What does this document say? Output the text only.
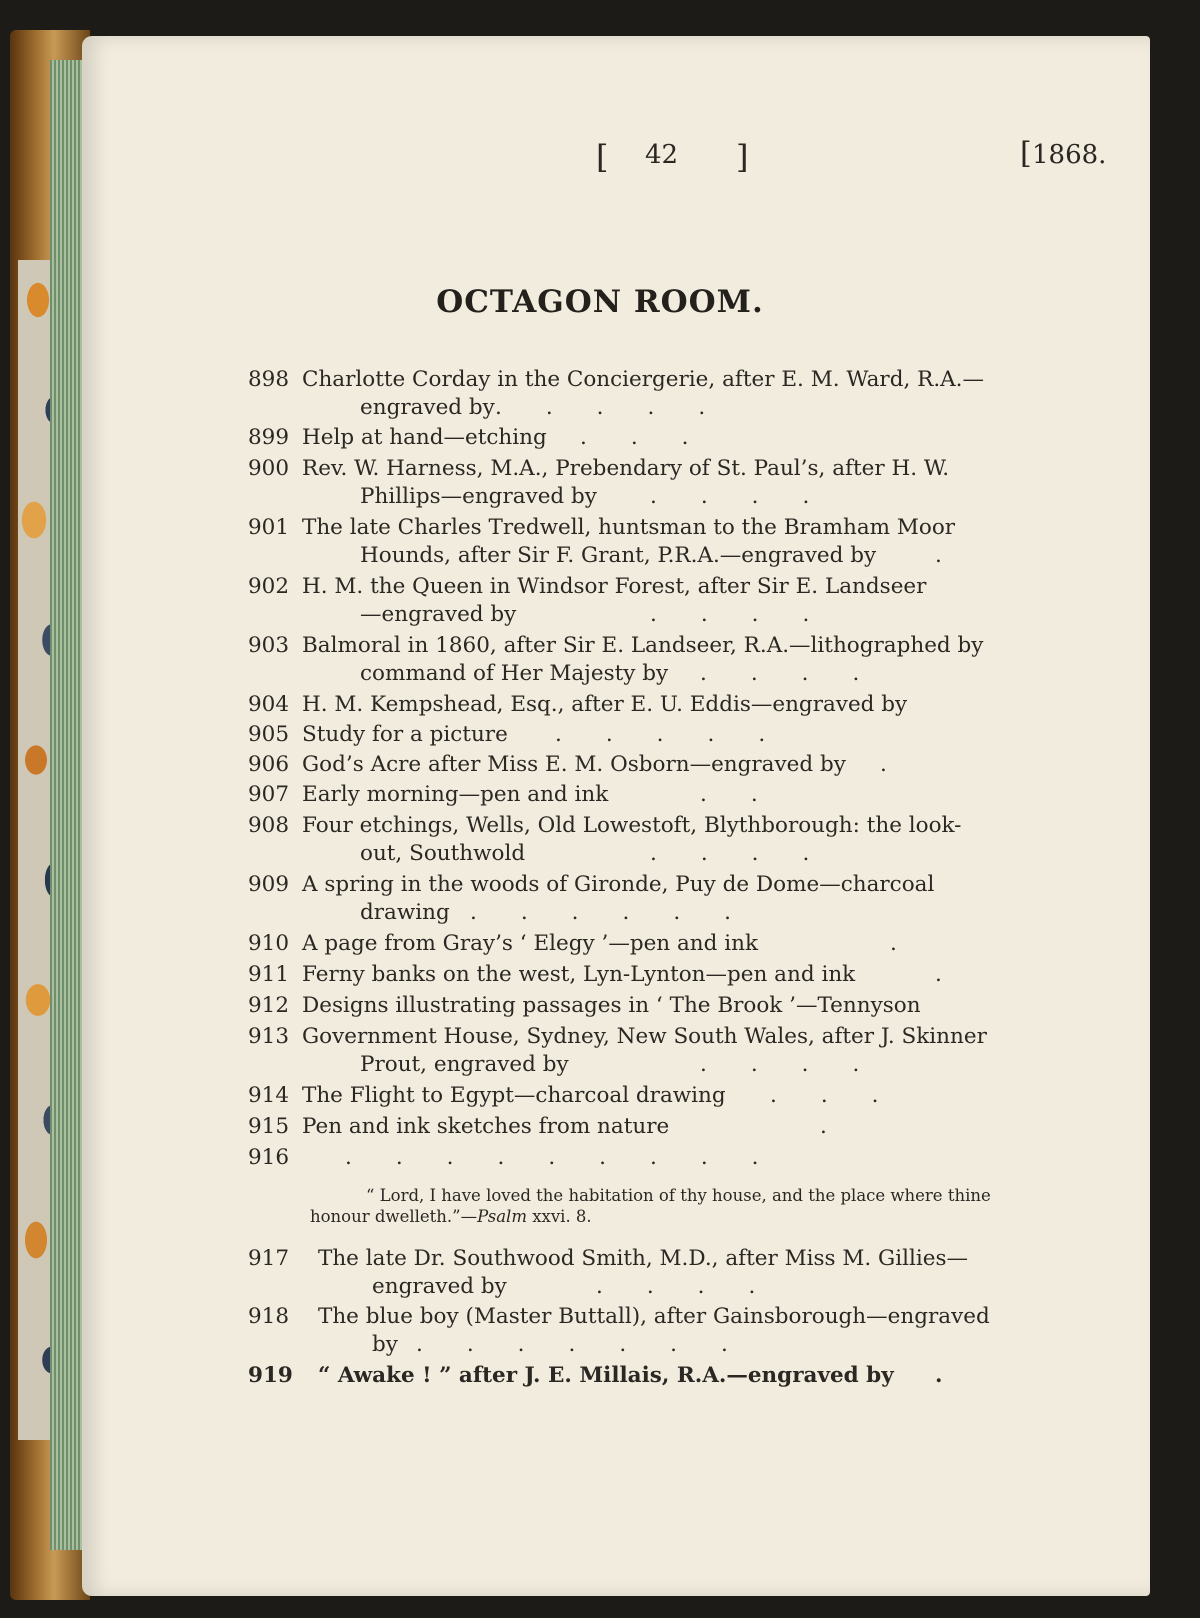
[ 42 ]	[ 1868.
OCTAGON ROOM.
898 Charlotte Corday in the Conciergerie, after E. M. Ward, R.A.—
engraved by .....
899 Help at hand—etching ...
900 Rev. W. Harness, M.A., Prebendary of St. Paul’s, after H. W.
Phillips—engraved by ....
901 The late Charles Tredwell, huntsman to the Bramham Moor
Hounds, after Sir F. Grant, P.R.A.—engraved by	.
902 H. M. the Queen in Windsor Forest, after Sir E. Landseer
—engraved by	....
903 Balmoral in 1860, after Sir E. Landseer, R.A.—lithographed by
command of Her Majesty by ....
904 H. M. Kempshead, Esq., after E. U. Eddis—engraved by
905 Study for a picture .....
906 God’s Acre after Miss E. M. Osborn—engraved by .
907 Early morning—pen and ink	..
908 Four etchings, Wells, Old Lowestoft, Blythborough: the look-
out, Southwold	....
909 A spring in the woods of Gironde, Puy de Dome—charcoal
drawing ......
910 A page from Gray’s ‘ Elegy ’—pen and ink	.
911 Ferny banks on the west, Lyn-Lynton—pen and ink	.
912 Designs illustrating passages in ‘ The Brook ’—Tennyson
913 Government House, Sydney, New South Wales, after J. Skinner
Prout, engraved by	....
914 The Flight to Egypt—charcoal drawing ...
915 Pen and ink sketches from nature	.
916	.........
“ Lord, I have loved the habitation of thy house, and the place where thine
honour dwelleth.”—Psalm xxvi. 8.
917	The late Dr. Southwood Smith, M.D., after Miss M. Gillies—
engraved by	....
918	The blue boy (Master Buttall), after Gainsborough—engraved
by .......
919 “ Awake ! ” after J. E. Millais, R.A.—engraved by .
